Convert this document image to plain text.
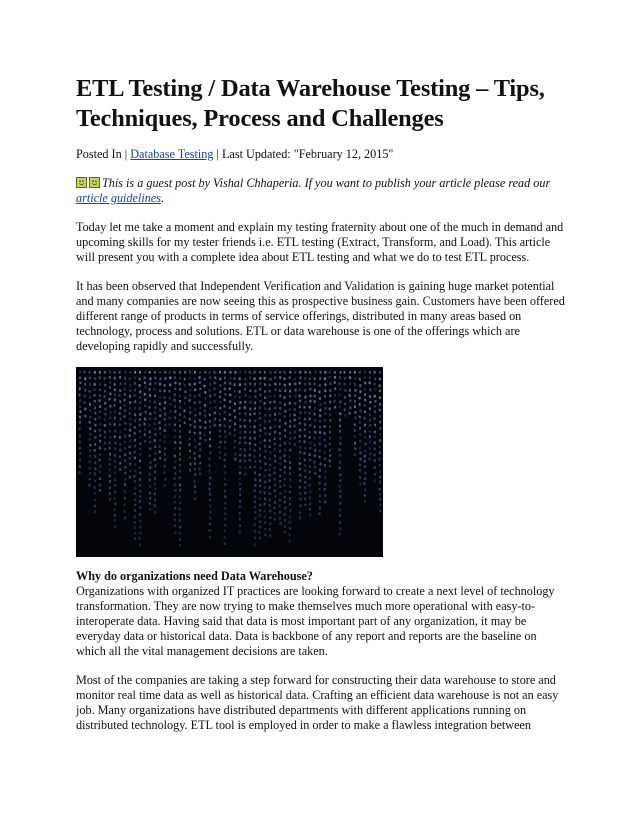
ETL Testing / Data Warehouse Testing – Tips, Techniques, Process and Challenges
Posted In | Database Testing | Last Updated: "February 12, 2015"
This is a guest post by Vishal Chhaperia. If you want to publish your article please read our article guidelines.

Today let me take a moment and explain my testing fraternity about one of the much in demand and upcoming skills for my tester friends i.e. ETL testing (Extract, Transform, and Load). This article will present you with a complete idea about ETL testing and what we do to test ETL process.

It has been observed that Independent Verification and Validation is gaining huge market potential and many companies are now seeing this as prospective business gain. Customers have been offered different range of products in terms of service offerings, distributed in many areas based on technology, process and solutions. ETL or data warehouse is one of the offerings which are developing rapidly and successfully.

Why do organizations need Data Warehouse?

Organizations with organized IT practices are looking forward to create a next level of technology transformation. They are now trying to make themselves much more operational with easy-to-interoperate data. Having said that data is most important part of any organization, it may be everyday data or historical data. Data is backbone of any report and reports are the baseline on which all the vital management decisions are taken.

Most of the companies are taking a step forward for constructing their data warehouse to store and monitor real time data as well as historical data. Crafting an efficient data warehouse is not an easy job. Many organizations have distributed departments with different applications running on distributed technology. ETL tool is employed in order to make a flawless integration between
